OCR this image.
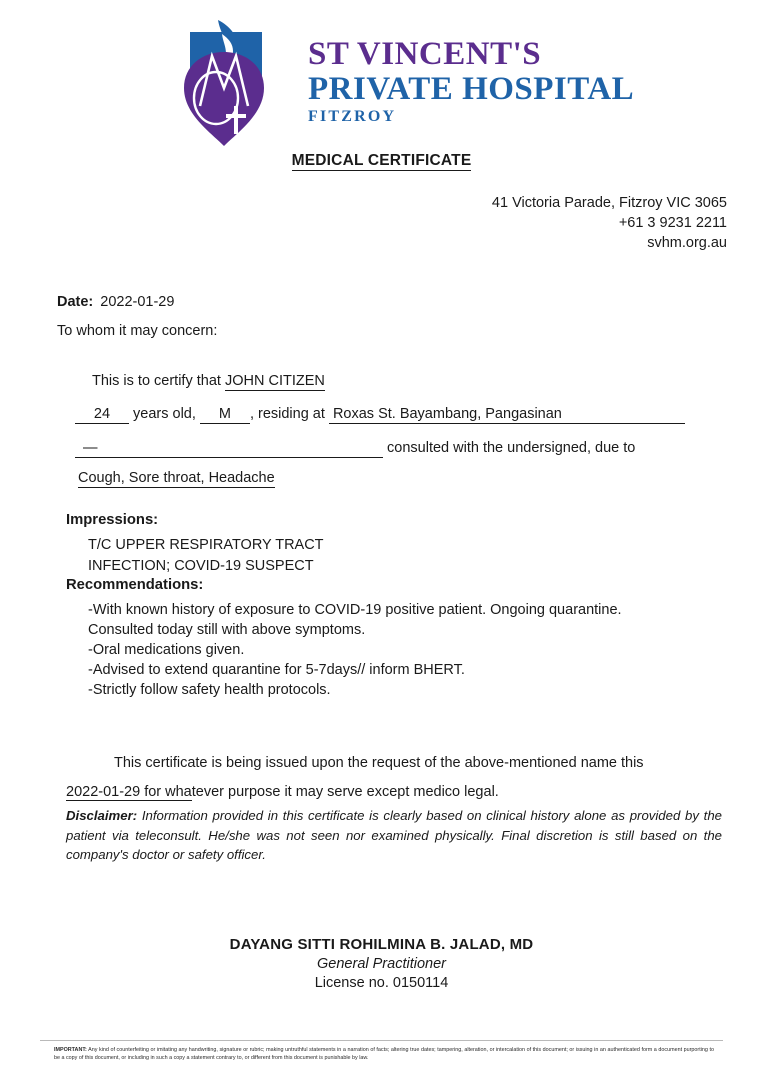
ST VINCENT'S
PRIVATE HOSPITAL
FITZROY
MEDICAL CERTIFICATE
41 Victoria Parade, Fitzroy VIC 3065
+61 3 9231 2211
svhm.org.au
Date: 2022-01-29
To whom it may concern:
This is to certify that JOHN CITIZEN
24 years old, M , residing at Roxas St. Bayambang, Pangasinan
—	consulted with the undersigned, due to
Cough, Sore throat, Headache
Impressions:
T/C UPPER RESPIRATORY TRACT
INFECTION; COVID-19 SUSPECT
Recommendations:
-With known history of exposure to COVID-19 positive patient. Ongoing quarantine.
Consulted today still with above symptoms.
-Oral medications given.
-Advised to extend quarantine for 5-7days// inform BHERT.
-Strictly follow safety health protocols.
This certificate is being issued upon the request of the above-mentioned name this
2022-01-29 for whatever purpose it may serve except medico legal.
Disclaimer: Information provided in this certificate is clearly based on clinical history alone as provided by the patient via teleconsult. He/she was not seen nor examined physically. Final discretion is still based on the company's doctor or safety officer.
DAYANG SITTI ROHILMINA B. JALAD, MD
General Practitioner
License no. 0150114
IMPORTANT: Any kind of counterfeiting or imitating any handwriting, signature or rubric; making untruthful statements in a narration of facts; altering true dates; tampering, alteration, or intercalation of this document; or issuing in an authenticated form a document purporting to be a copy of this document, or including in such a copy a statement contrary to, or different from this document is punishable by law.
